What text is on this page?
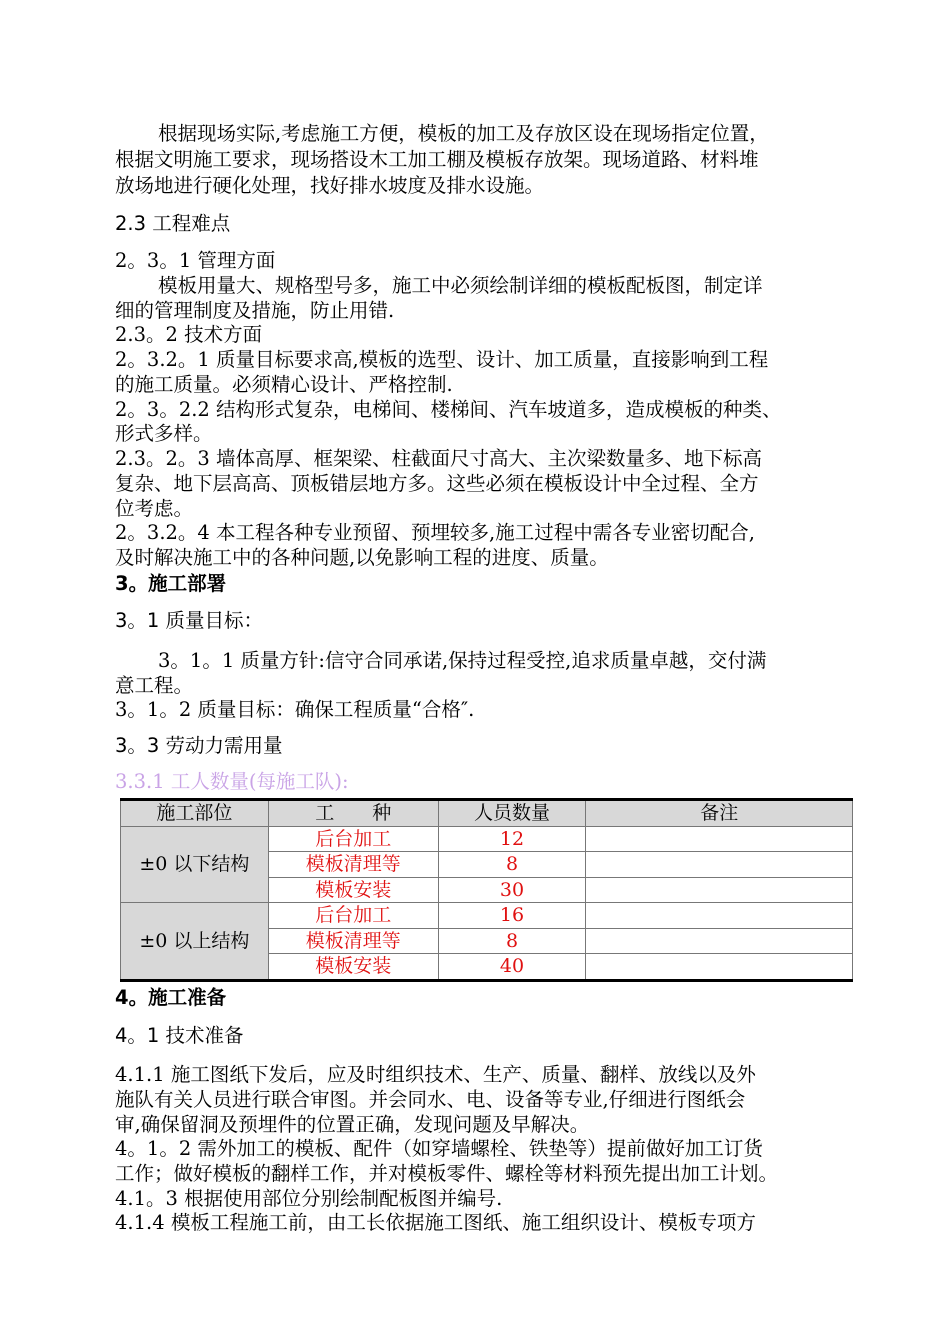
根据现场实际,考虑施工方便，模板的加工及存放区设在现场指定位置，
根据文明施工要求，现场搭设木工加工棚及模板存放架。现场道路、材料堆
放场地进行硬化处理，找好排水坡度及排水设施。
2.3 工程难点
2。3。1 管理方面
模板用量大、规格型号多，施工中必须绘制详细的模板配板图，制定详
细的管理制度及措施，防止用错.
2.3。2 技术方面
2。3.2。1 质量目标要求高,模板的选型、设计、加工质量，直接影响到工程
的施工质量。必须精心设计、严格控制.
2。3。2.2 结构形式复杂，电梯间、楼梯间、汽车坡道多，造成模板的种类、
形式多样。
2.3。2。3 墙体高厚、框架梁、柱截面尺寸高大、主次梁数量多、地下标高
复杂、地下层高高、顶板错层地方多。这些必须在模板设计中全过程、全方
位考虑。
2。3.2。4 本工程各种专业预留、预埋较多,施工过程中需各专业密切配合,
及时解决施工中的各种问题,以免影响工程的进度、质量。
3。施工部署
3。1 质量目标：
3。1。1 质量方针:信守合同承诺,保持过程受控,追求质量卓越，交付满
意工程。
3。1。2 质量目标：确保工程质量“合格″.
3。3 劳动力需用量
3.3.1 工人数量(每施工队):
施工部位	工　　种	人员数量	备注
±0 以下结构	后台加工	12	
	模板清理等	8	
	模板安装	30	
±0 以上结构	后台加工	16	
	模板清理等	8	
	模板安装	40	
4。施工准备
4。1 技术准备
4.1.1 施工图纸下发后，应及时组织技术、生产、质量、翻样、放线以及外
施队有关人员进行联合审图。并会同水、电、设备等专业,仔细进行图纸会
审,确保留洞及预埋件的位置正确，发现问题及早解决。
4。1。2 需外加工的模板、配件（如穿墙螺栓、铁垫等）提前做好加工订货
工作；做好模板的翻样工作，并对模板零件、螺栓等材料预先提出加工计划。
4.1。3 根据使用部位分别绘制配板图并编号.
4.1.4 模板工程施工前，由工长依据施工图纸、施工组织设计、模板专项方
